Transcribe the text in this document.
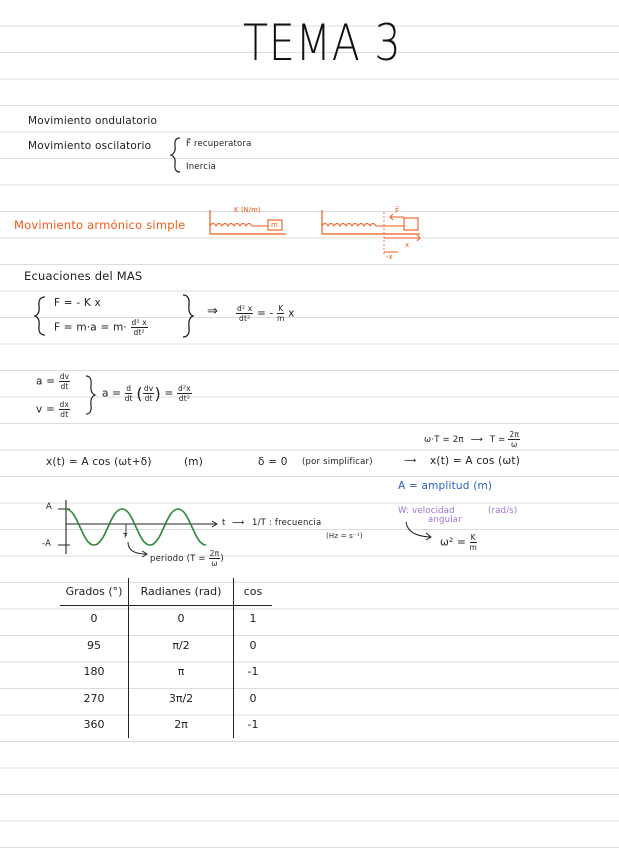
TEMA 3
Movimiento ondulatorio
Movimiento oscilatorio	F⃗ recuperatora
Inercia
Movimiento armónico simple
K (N/m)
m
F⃗
x
-x
Ecuaciones del MAS
F = - K x
$F = m\cdot a = m\cdot \frac{\text{d² x}}{\text{dt²}}$
⇒ $\frac{\text{d² x}}{\text{dt²}}$ = - $\frac{K}{m}$ x
$a = \frac{dv}{dt}$
$v = \frac{dx}{dt}$
$a = \frac{d}{dt}$ ( $\frac{dv}{dt}$ ) = $\frac{\text{d²x}}{\text{dt²}}$
ω·T = 2π ⟶ $T = \frac{2\pi}{\omega}$
x(t) = A cos (ωt+δ)	(m)	δ = 0 (por simplificar)	⟶ x(t) = A cos (ωt)
A = amplitud (m)
W: velocidad
angular
(rad/s)
$\omega^2 = \frac{K}{m}$
A
-A
t
T
⟶ 1/T : frecuencia
(Hz = s⁻¹)
periodo ($T = \frac{2\pi}{\omega}$ )
Grados (°)	Radianes (rad)	cos
0	0	1
95	π/2	0
180	π	-1
270	3π/2	0
360	2π	-1
